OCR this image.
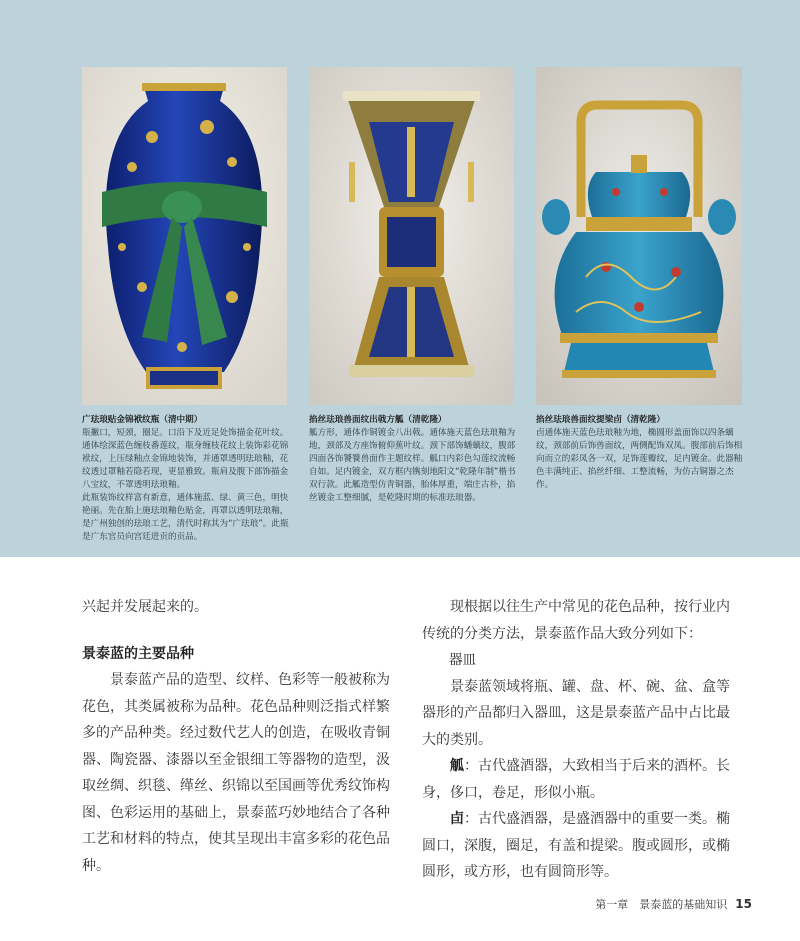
广珐琅贴金锦袱纹瓶（清中期）

瓶撇口，短颈，圈足。口沿下及近足处饰描金花叶纹。通体绘深蓝色缠枝番莲纹，瓶身缠枝花纹上装饰彩花锦袱纹，上压绿釉点金锦地装饰，并通罩透明珐琅釉，花纹透过罩釉若隐若现，更显雅致。瓶肩及腹下部饰描金八宝纹，不罩透明珐琅釉。

此瓶装饰纹样富有新意，通体施蓝、绿、黄三色，明快艳丽。先在胎上施珐琅釉色贴金，再罩以透明珐琅釉，是广州独创的珐琅工艺，清代时称其为“广珐琅”。此瓶是广东官员向宫廷进贡的贡品。

掐丝珐琅兽面纹出戟方觚（清乾隆）

觚方形，通体作铜镀金八出戟。通体施天蓝色珐琅釉为地，颈部及方座饰俯仰蕉叶纹。颈下部饰蟠螭纹，腹部四面各饰饕餮兽面作主题纹样。觚口内彩色勾莲纹流畅自如。足内镀金，双方框内镌刻地阳文“乾隆年制”楷书双行款。此觚造型仿青铜器，胎体厚重，端庄古朴，掐丝镀金工整细腻，是乾隆时期的标准珐琅器。

掐丝珐琅兽面纹提梁卣（清乾隆）

卣通体施天蓝色珐琅釉为地，椭圆形盖面饰以四条螭纹，颈部前后饰兽面纹，两侧配饰双凤。腹部前后饰相向而立的彩凤各一双，足饰莲瓣纹，足内镀金。此器釉色丰满纯正、掐丝纤细、工整流畅，为仿古铜器之杰作。

兴起并发展起来的。

景泰蓝的主要品种

景泰蓝产品的造型、纹样、色彩等一般被称为花色，其类属被称为品种。花色品种则泛指式样繁多的产品种类。经过数代艺人的创造，在吸收青铜器、陶瓷器、漆器以至金银细工等器物的造型，汲取丝绸、织毯、缂丝、织锦以至国画等优秀纹饰构图、色彩运用的基础上，景泰蓝巧妙地结合了各种工艺和材料的特点，使其呈现出丰富多彩的花色品种。

现根据以往生产中常见的花色品种，按行业内传统的分类方法，景泰蓝作品大致分列如下：

器皿

景泰蓝领域将瓶、罐、盘、杯、碗、盆、盒等器形的产品都归入器皿，这是景泰蓝产品中占比最大的类别。

觚：古代盛酒器，大致相当于后来的酒杯。长身，侈口，卷足，形似小瓶。

卣：古代盛酒器，是盛酒器中的重要一类。椭圆口，深腹，圈足，有盖和提梁。腹或圆形，或椭圆形，或方形，也有圆筒形等。

第一章　景泰蓝的基础知识 15
